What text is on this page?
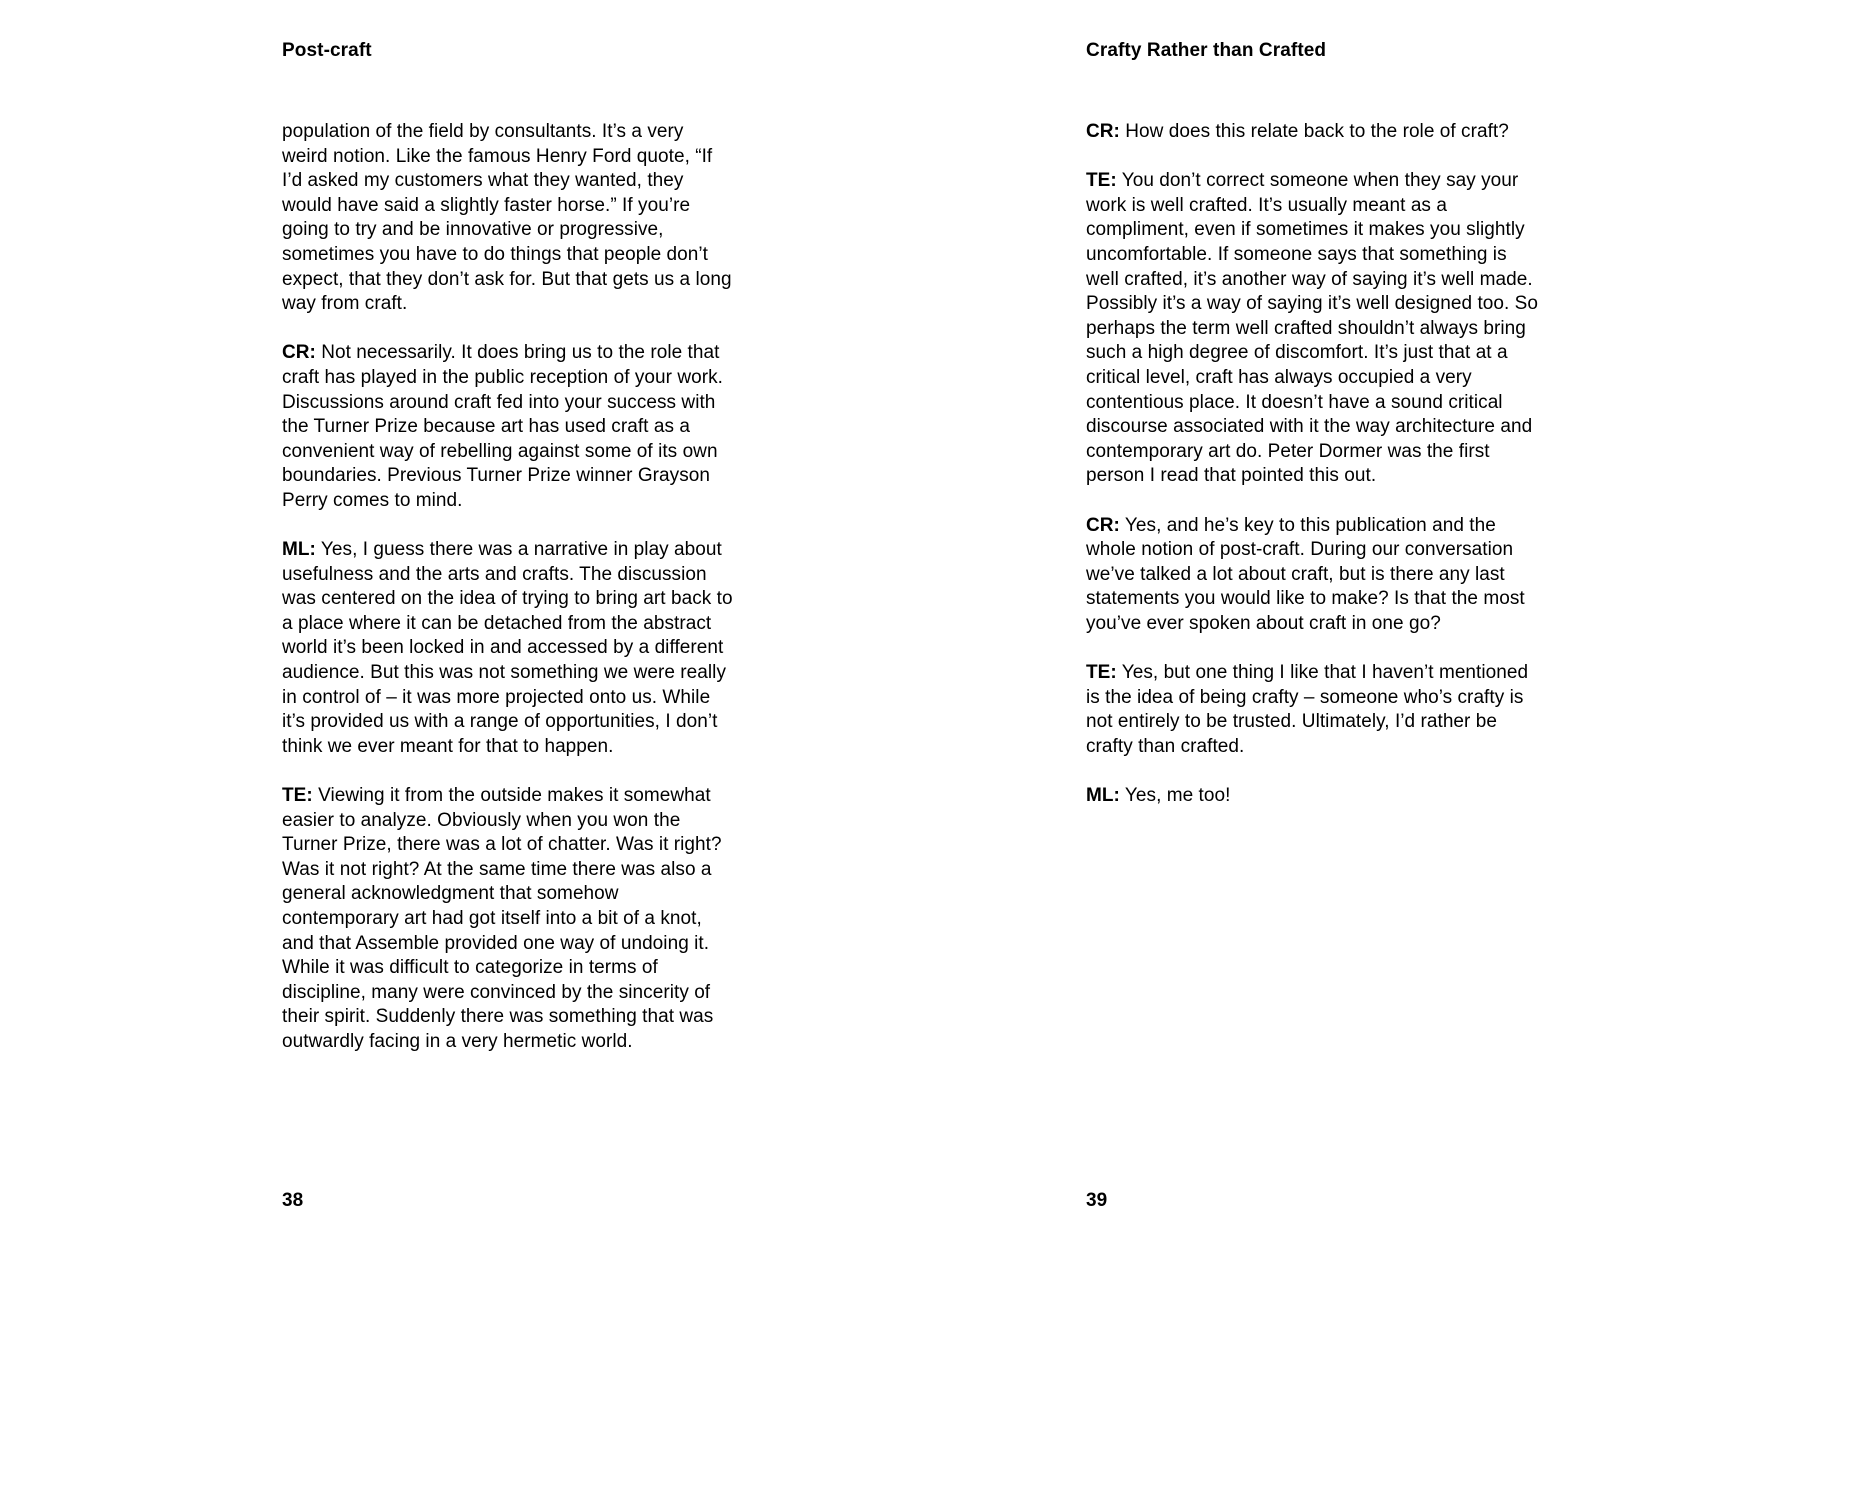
Post-craft

population of the field by consultants. It’s a very weird notion. Like the famous Henry Ford quote, “If I’d asked my customers what they wanted, they would have said a slightly faster horse.” If you’re going to try and be innovative or progressive, sometimes you have to do things that people don’t expect, that they don’t ask for. But that gets us a long way from craft.

CR: Not necessarily. It does bring us to the role that craft has played in the public reception of your work. Discussions around craft fed into your success with the Turner Prize because art has used craft as a convenient way of rebelling against some of its own boundaries. Previous Turner Prize winner Grayson Perry comes to mind.

ML: Yes, I guess there was a narrative in play about usefulness and the arts and crafts. The discussion was centered on the idea of trying to bring art back to a place where it can be detached from the abstract world it’s been locked in and accessed by a different audience. But this was not something we were really in control of – it was more projected onto us. While it’s provided us with a range of opportunities, I don’t think we ever meant for that to happen.

TE: Viewing it from the outside makes it somewhat easier to analyze. Obviously when you won the Turner Prize, there was a lot of chatter. Was it right? Was it not right? At the same time there was also a general acknowledgment that somehow contemporary art had got itself into a bit of a knot, and that Assemble provided one way of undoing it. While it was difficult to categorize in terms of discipline, many were convinced by the sincerity of their spirit. Suddenly there was something that was outwardly facing in a very hermetic world.

Crafty Rather than Crafted

CR: How does this relate back to the role of craft?

TE: You don’t correct someone when they say your work is well crafted. It’s usually meant as a compliment, even if sometimes it makes you slightly uncomfortable. If someone says that something is well crafted, it’s another way of saying it’s well made. Possibly it’s a way of saying it’s well designed too. So perhaps the term well crafted shouldn’t always bring such a high degree of discomfort. It’s just that at a critical level, craft has always occupied a very contentious place. It doesn’t have a sound critical discourse associated with it the way architecture and contemporary art do. Peter Dormer was the first person I read that pointed this out.

CR: Yes, and he’s key to this publication and the whole notion of post-craft. During our conversation we’ve talked a lot about craft, but is there any last statements you would like to make? Is that the most you’ve ever spoken about craft in one go?

TE: Yes, but one thing I like that I haven’t mentioned is the idea of being crafty – someone who’s crafty is not entirely to be trusted. Ultimately, I’d rather be crafty than crafted.

ML: Yes, me too!

38	39
